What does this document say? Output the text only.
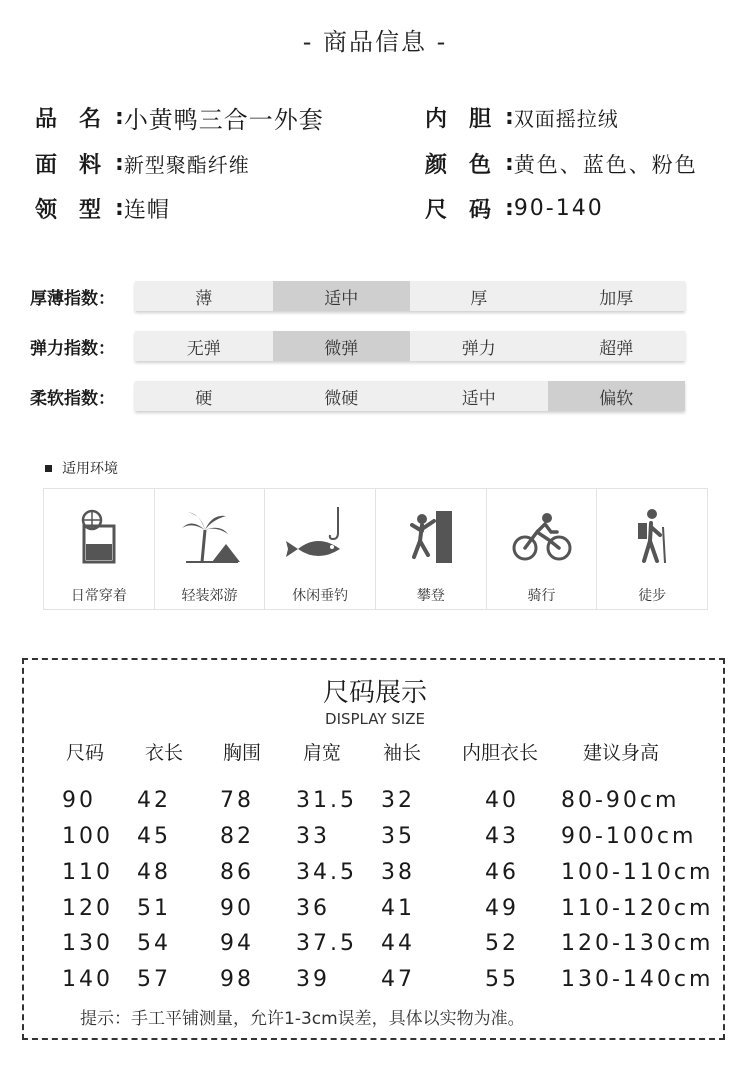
- 商品信息 -
品　名 : 小黄鸭三合一外套	内　胆 : 双面摇拉绒
面　料 : 新型聚酯纤维	颜　色 : 黄色、蓝色、粉色
领　型 : 连帽	尺　码 : 90-140
厚薄指数：	薄	适中	厚	加厚
弹力指数：	无弹	微弹	弹力	超弹
柔软指数：	硬	微硬	适中	偏软
适用环境
日常穿着	轻装郊游	休闲垂钓	攀登	骑行	徒步
尺码展示
DISPLAY SIZE
尺码 衣长 胸围 肩宽 袖长 内胆衣长 建议身高
90 42 78 31.5 32	40 80-90cm
100 45 82 33 35	43 90-100cm
110 48 86 34.5 38	46 100-110cm
120 51 90 36 41	49 110-120cm
130 54 94 37.5 44	52 120-130cm
140 57 98 39 47	55 130-140cm
提示：手工平铺测量，允许1-3cm误差，具体以实物为准。
